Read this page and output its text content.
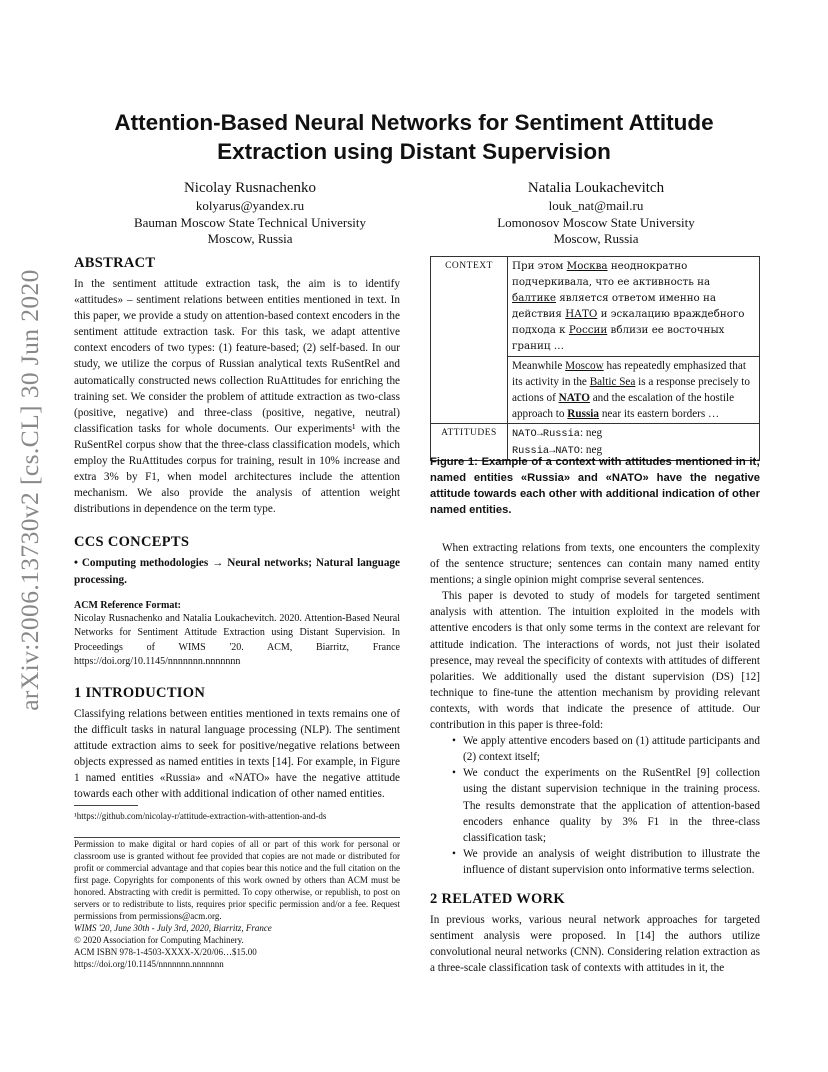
arXiv:2006.13730v2 [cs.CL] 30 Jun 2020
Attention-Based Neural Networks for Sentiment Attitude Extraction using Distant Supervision
Nicolay Rusnachenko
kolyarus@yandex.ru
Bauman Moscow State Technical University
Moscow, Russia
Natalia Loukachevitch
louk_nat@mail.ru
Lomonosov Moscow State University
Moscow, Russia
ABSTRACT

In the sentiment attitude extraction task, the aim is to identify «attitudes» – sentiment relations between entities mentioned in text. In this paper, we provide a study on attention-based context encoders in the sentiment attitude extraction task. For this task, we adapt attentive context encoders of two types: (1) feature-based; (2) self-based. In our study, we utilize the corpus of Russian analytical texts RuSentRel and automatically constructed news collection RuAttitudes for enriching the training set. We consider the problem of attitude extraction as two-class (positive, negative) and three-class (positive, negative, neutral) classification tasks for whole documents. Our experiments¹ with the RuSentRel corpus show that the three-class classification models, which employ the RuAttitudes corpus for training, result in 10% increase and extra 3% by F1, when model architectures include the attention mechanism. We also provide the analysis of attention weight distributions in dependence on the term type.

CCS CONCEPTS

• Computing methodologies → Neural networks; Natural language processing.

ACM Reference Format:

Nicolay Rusnachenko and Natalia Loukachevitch. 2020. Attention-Based Neural Networks for Sentiment Attitude Extraction using Distant Supervision. In Proceedings of WIMS '20. ACM, Biarritz, France https://doi.org/10.1145/nnnnnnn.nnnnnnn

1 INTRODUCTION

Classifying relations between entities mentioned in texts remains one of the difficult tasks in natural language processing (NLP). The sentiment attitude extraction aims to seek for positive/negative relations between objects expressed as named entities in texts [14]. For example, in Figure 1 named entities «Russia» and «NATO» have the negative attitude towards each other with additional indication of other named entities.

¹https://github.com/nicolay-r/attitude-extraction-with-attention-and-ds
Permission to make digital or hard copies of all or part of this work for personal or classroom use is granted without fee provided that copies are not made or distributed for profit or commercial advantage and that copies bear this notice and the full citation on the first page. Copyrights for components of this work owned by others than ACM must be honored. Abstracting with credit is permitted. To copy otherwise, or republish, to post on servers or to redistribute to lists, requires prior specific permission and/or a fee. Request permissions from permissions@acm.org.
WIMS '20, June 30th - July 3rd, 2020, Biarritz, France
© 2020 Association for Computing Machinery.
ACM ISBN 978-1-4503-XXXX-X/20/06…$15.00
https://doi.org/10.1145/nnnnnnn.nnnnnnn
CONTEXT	При этом Москва неоднократно подчеркивала, что ее активность на балтике является ответом именно на действия НАТО и эскалацию враждебного подхода к России вблизи ее восточных границ …
	Meanwhile Moscow has repeatedly emphasized that its activity in the Baltic Sea is a response precisely to actions of NATO and the escalation of the hostile approach to Russia near its eastern borders …
ATTITUDES	NATO→Russia: neg
Russia→NATO: neg
Figure 1: Example of a context with attitudes mentioned in it; named entities «Russia» and «NATO» have the negative attitude towards each other with additional indication of other named entities.

When extracting relations from texts, one encounters the complexity of the sentence structure; sentences can contain many named entity mentions; a single opinion might comprise several sentences.

This paper is devoted to study of models for targeted sentiment analysis with attention. The intuition exploited in the models with attentive encoders is that only some terms in the context are relevant for attitude indication. The interactions of words, not just their isolated presence, may reveal the specificity of contexts with attitudes of different polarities. We additionally used the distant supervision (DS) [12] technique to fine-tune the attention mechanism by providing relevant contexts, with words that indicate the presence of attitude. Our contribution in this paper is three-fold:

• We apply attentive encoders based on (1) attitude participants and (2) context itself;
• We conduct the experiments on the RuSentRel [9] collection using the distant supervision technique in the training process. The results demonstrate that the application of attention-based encoders enhance quality by 3% F1 in the three-class classification task;
• We provide an analysis of weight distribution to illustrate the influence of distant supervision onto informative terms selection.
2 RELATED WORK

In previous works, various neural network approaches for targeted sentiment analysis were proposed. In [14] the authors utilize convolutional neural networks (CNN). Considering relation extraction as a three-scale classification task of contexts with attitudes in it, the
